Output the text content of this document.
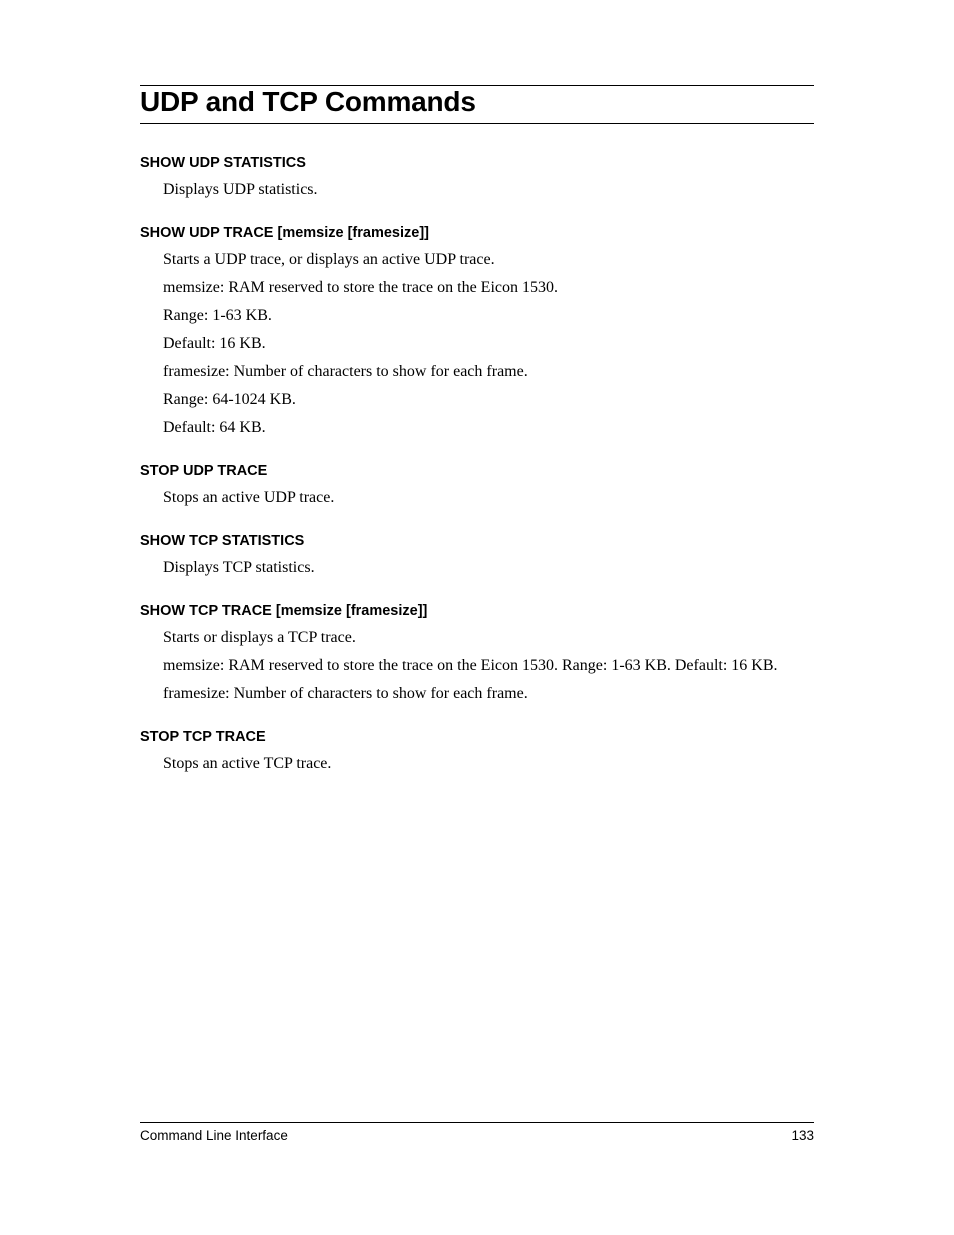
UDP and TCP Commands
SHOW UDP STATISTICS

Displays UDP statistics.

SHOW UDP TRACE [memsize [framesize]]

Starts a UDP trace, or displays an active UDP trace.

memsize: RAM reserved to store the trace on the Eicon 1530.

Range: 1-63 KB.

Default: 16 KB.

framesize: Number of characters to show for each frame.

Range: 64-1024 KB.

Default: 64 KB.

STOP UDP TRACE

Stops an active UDP trace.

SHOW TCP STATISTICS

Displays TCP statistics.

SHOW TCP TRACE [memsize [framesize]]

Starts or displays a TCP trace.

memsize: RAM reserved to store the trace on the Eicon 1530. Range: 1-63 KB. Default: 16 KB.

framesize: Number of characters to show for each frame.

STOP TCP TRACE

Stops an active TCP trace.

Command Line Interface	133
